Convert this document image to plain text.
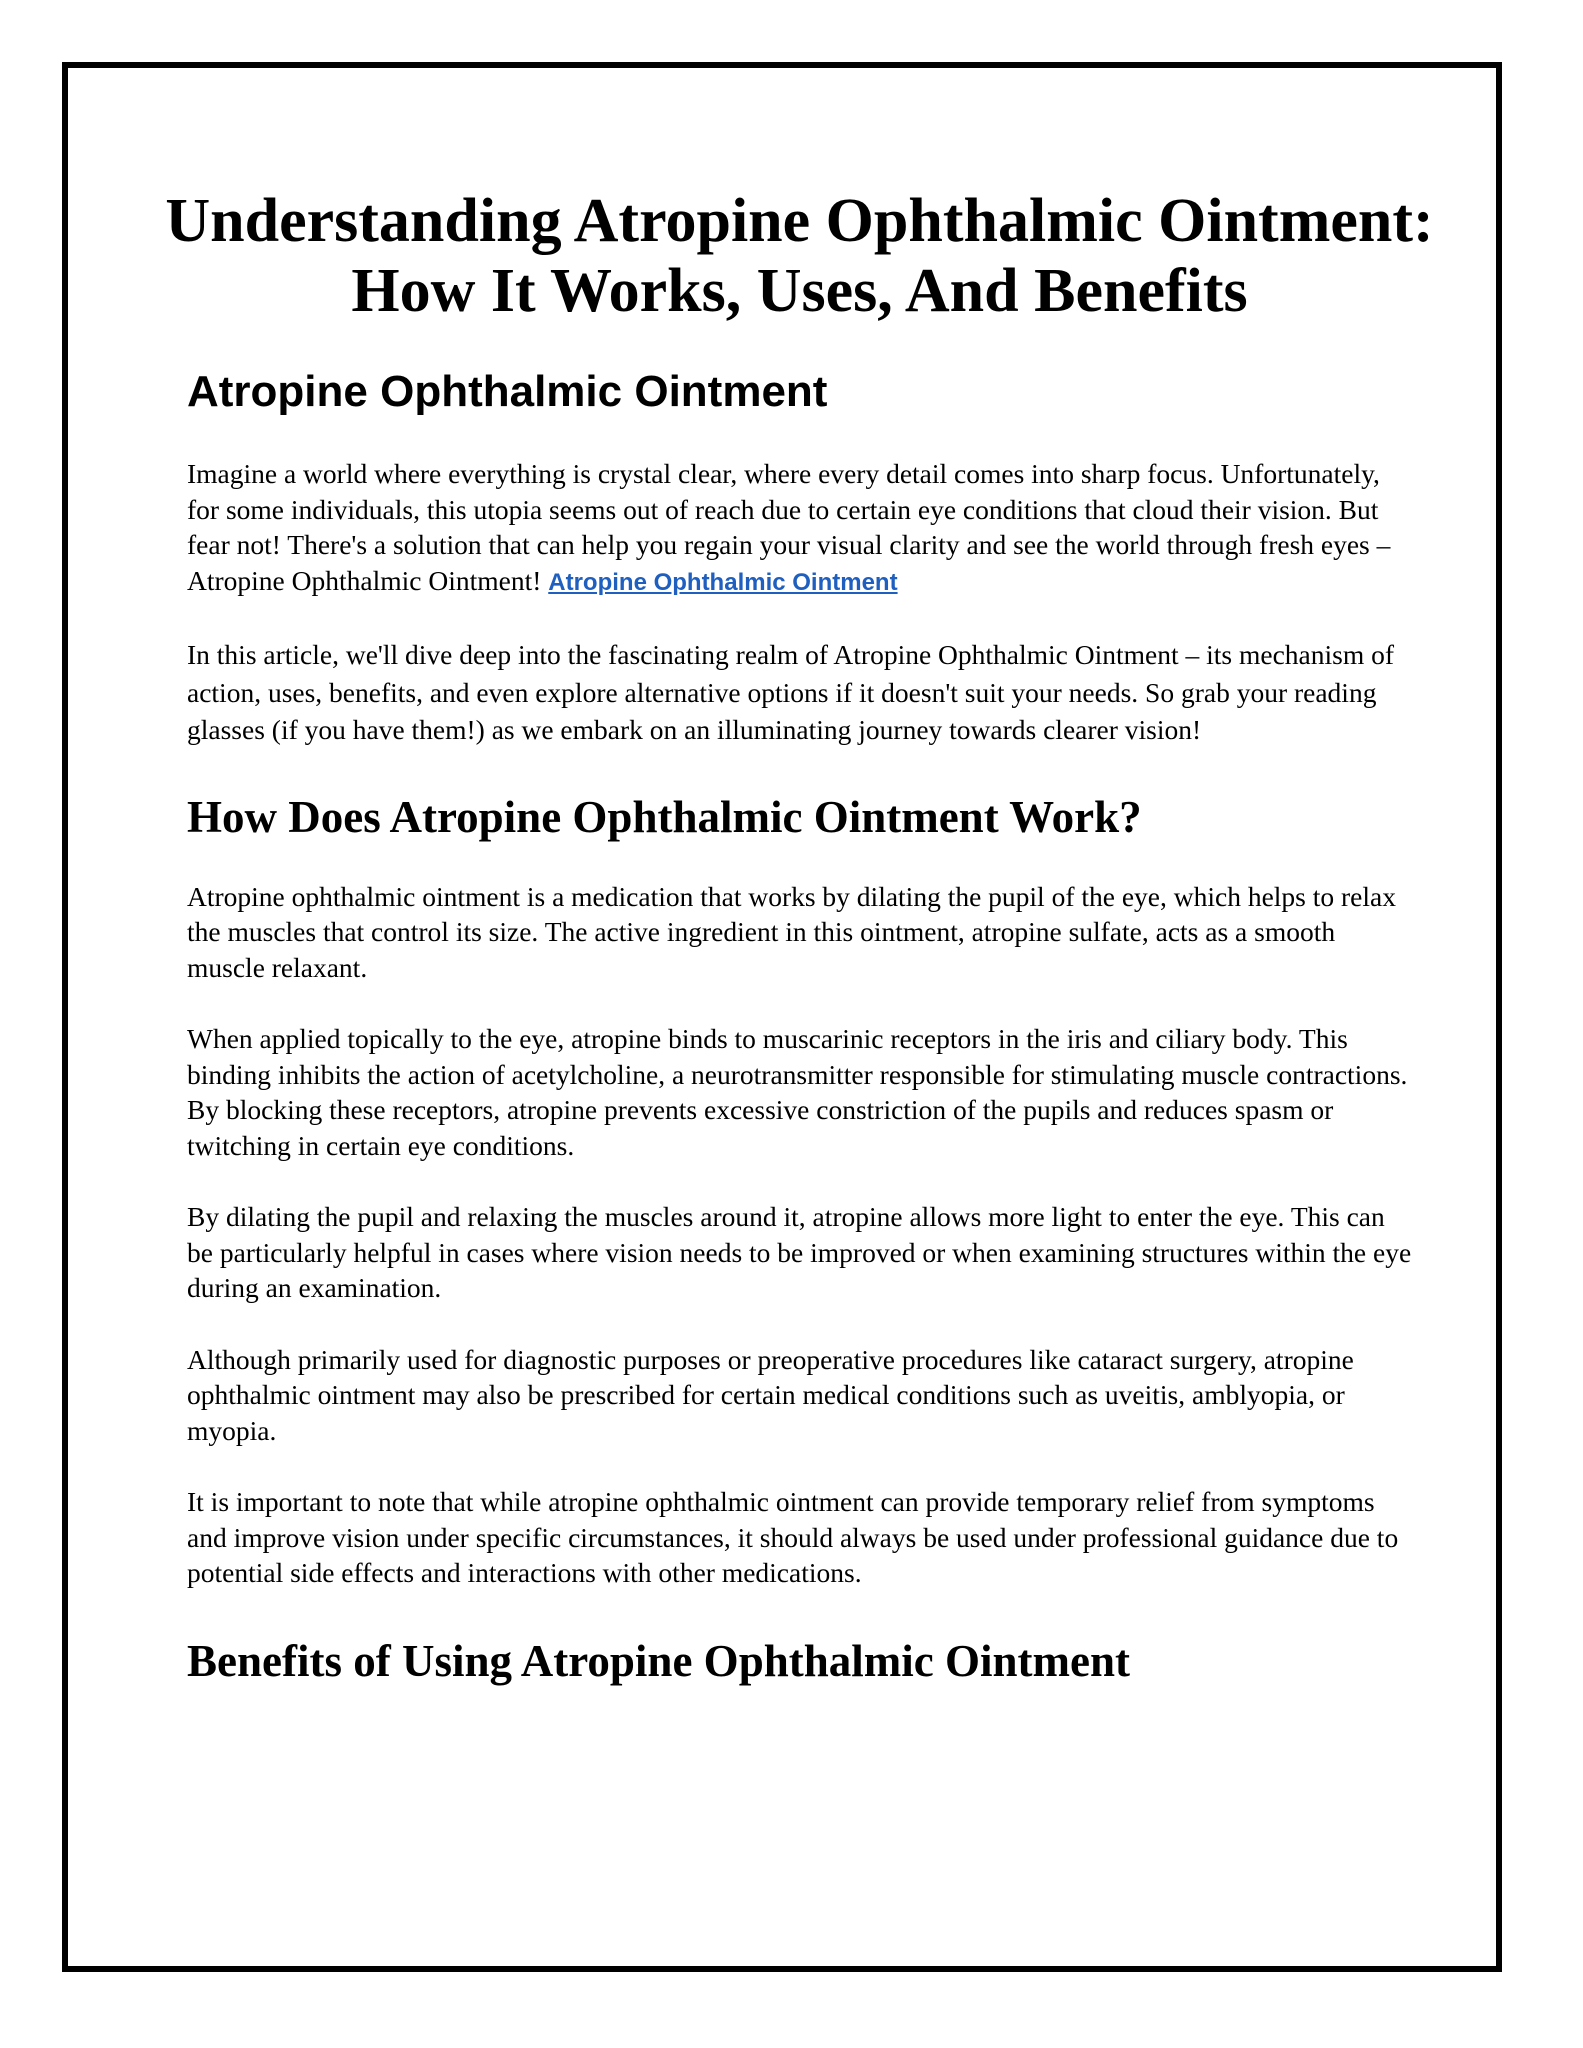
Understanding Atropine Ophthalmic Ointment: How It Works, Uses, And Benefits
Atropine Ophthalmic Ointment

Imagine a world where everything is crystal clear, where every detail comes into sharp focus. Unfortunately, for some individuals, this utopia seems out of reach due to certain eye conditions that cloud their vision. But fear not! There's a solution that can help you regain your visual clarity and see the world through fresh eyes – Atropine Ophthalmic Ointment! Atropine Ophthalmic Ointment

In this article, we'll dive deep into the fascinating realm of Atropine Ophthalmic Ointment – its mechanism of action, uses, benefits, and even explore alternative options if it doesn't suit your needs. So grab your reading glasses (if you have them!) as we embark on an illuminating journey towards clearer vision!

How Does Atropine Ophthalmic Ointment Work?

Atropine ophthalmic ointment is a medication that works by dilating the pupil of the eye, which helps to relax the muscles that control its size. The active ingredient in this ointment, atropine sulfate, acts as a smooth muscle relaxant.

When applied topically to the eye, atropine binds to muscarinic receptors in the iris and ciliary body. This binding inhibits the action of acetylcholine, a neurotransmitter responsible for stimulating muscle contractions. By blocking these receptors, atropine prevents excessive constriction of the pupils and reduces spasm or twitching in certain eye conditions.

By dilating the pupil and relaxing the muscles around it, atropine allows more light to enter the eye. This can be particularly helpful in cases where vision needs to be improved or when examining structures within the eye during an examination.

Although primarily used for diagnostic purposes or preoperative procedures like cataract surgery, atropine ophthalmic ointment may also be prescribed for certain medical conditions such as uveitis, amblyopia, or myopia.

It is important to note that while atropine ophthalmic ointment can provide temporary relief from symptoms and improve vision under specific circumstances, it should always be used under professional guidance due to potential side effects and interactions with other medications.

Benefits of Using Atropine Ophthalmic Ointment
